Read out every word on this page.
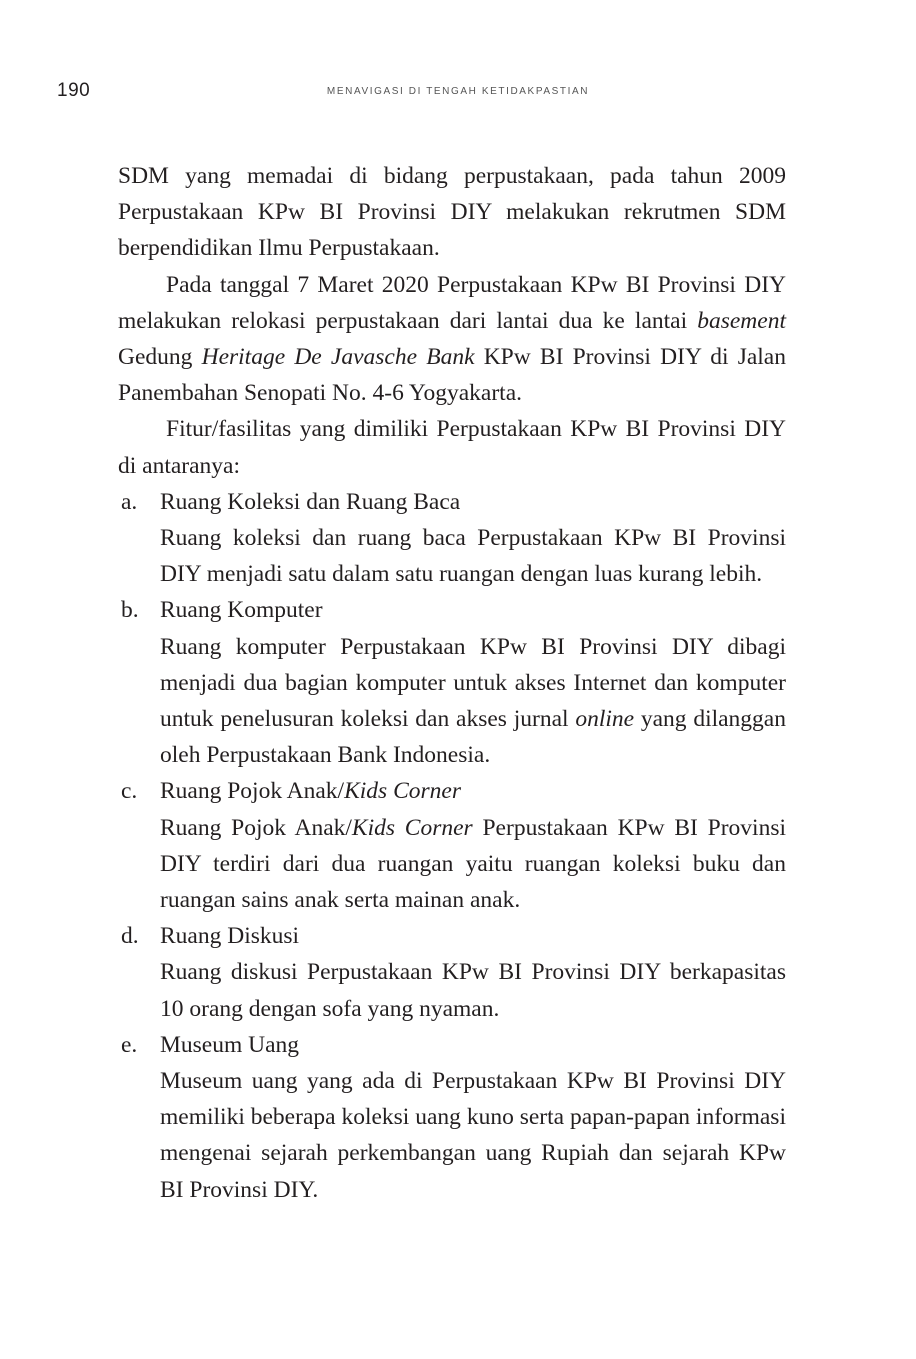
190	MENAVIGASI DI TENGAH KETIDAKPASTIAN

SDM yang memadai di bidang perpustakaan, pada tahun 2009 Perpustakaan KPw BI Provinsi DIY melakukan rekrutmen SDM berpendidikan Ilmu Perpustakaan.

Pada tanggal 7 Maret 2020 Perpustakaan KPw BI Provinsi DIY melakukan relokasi perpustakaan dari lantai dua ke lantai basement Gedung Heritage De Javasche Bank KPw BI Provinsi DIY di Jalan Panembahan Senopati No. 4-6 Yogyakarta.

Fitur/fasilitas yang dimiliki Perpustakaan KPw BI Provinsi DIY di antaranya:

a. Ruang Koleksi dan Ruang Baca
Ruang koleksi dan ruang baca Perpustakaan KPw BI Provinsi DIY menjadi satu dalam satu ruangan dengan luas kurang lebih.
b. Ruang Komputer
Ruang komputer Perpustakaan KPw BI Provinsi DIY dibagi menjadi dua bagian komputer untuk akses Internet dan komputer untuk penelusuran koleksi dan akses jurnal online yang dilanggan oleh Perpustakaan Bank Indonesia.
c. Ruang Pojok Anak/Kids Corner
Ruang Pojok Anak/Kids Corner Perpustakaan KPw BI Provinsi DIY terdiri dari dua ruangan yaitu ruangan koleksi buku dan ruangan sains anak serta mainan anak.
d. Ruang Diskusi
Ruang diskusi Perpustakaan KPw BI Provinsi DIY berkapasitas 10 orang dengan sofa yang nyaman.
e. Museum Uang
Museum uang yang ada di Perpustakaan KPw BI Provinsi DIY memiliki beberapa koleksi uang kuno serta papan-papan informasi mengenai sejarah perkembangan uang Rupiah dan sejarah KPw BI Provinsi DIY.
